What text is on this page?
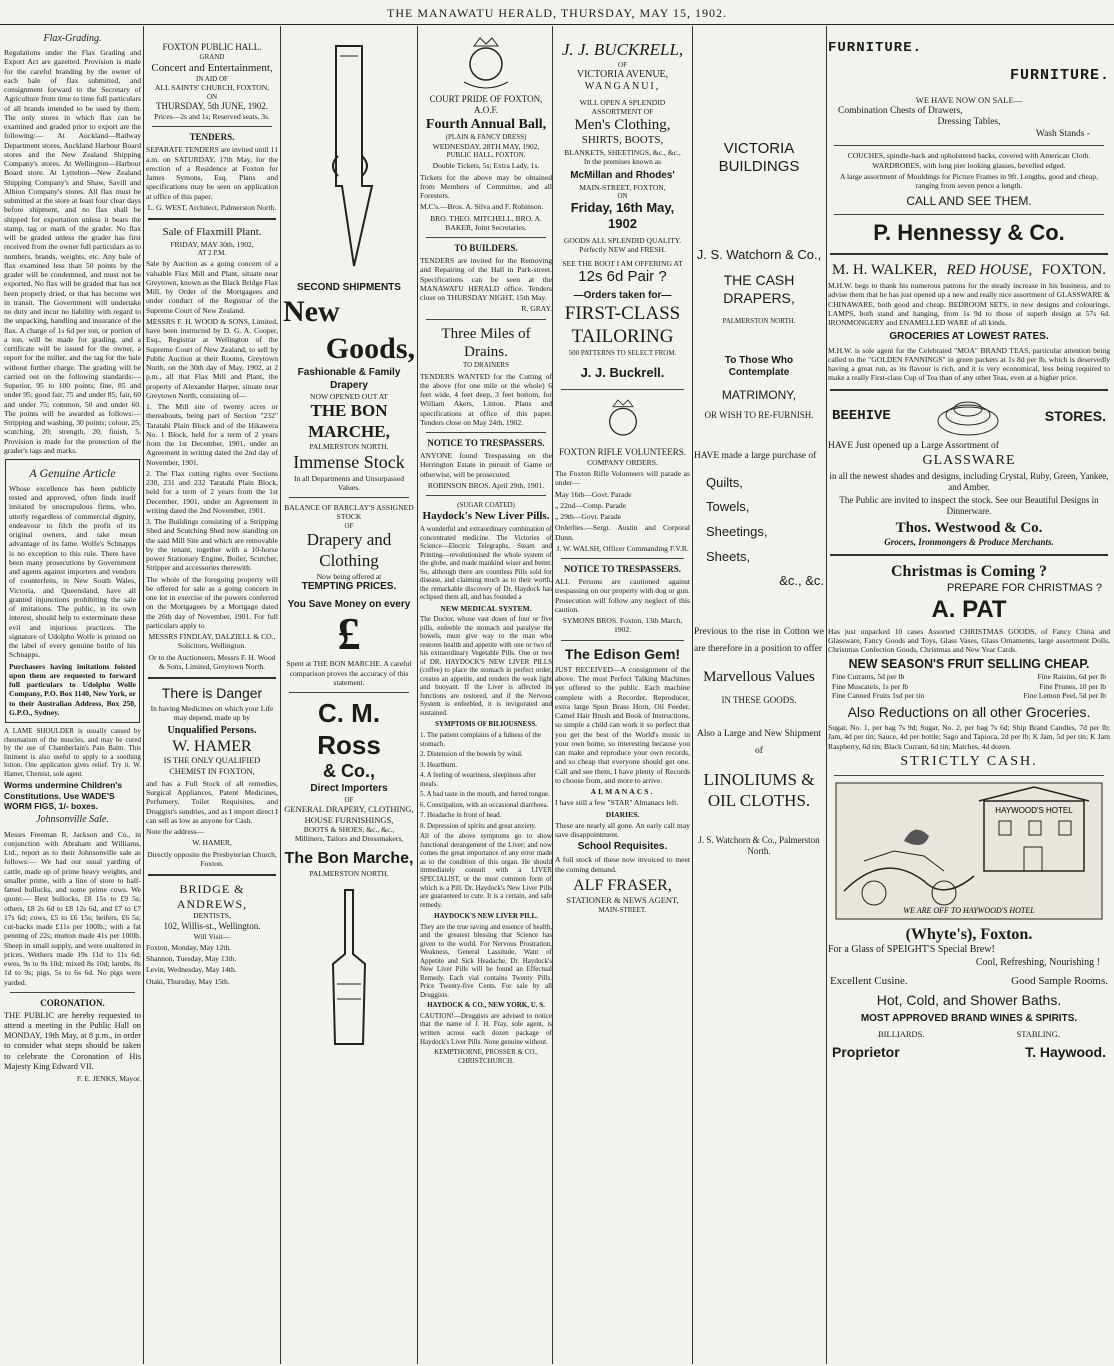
THE MANAWATU HERALD, THURSDAY, MAY 15, 1902.
Flax-Grading.

Regulations under the Flax Grading and Export Act are gazetted. Provision is made for the careful branding by the owner of each bale of flax submitted, and consignment forward to the Secretary of Agriculture from time to time full particulars of all brands intended to be used by them. The only stores in which flax can be examined and graded prior to export are the following:— At Auckland—Railway Department stores, Auckland Harbour Board stores and the New Zealand Shipping Company's stores. At Wellington—Harbour Board store. At Lyttelton—New Zealand Shipping Company's and Shaw, Savill and Albion Company's stores. All flax must be submitted at the store at least four clear days before shipment, and no flax shall be shipped for exportation unless it bears the stamp, tag or mark of the grader. No flax will be graded unless the grader has first received from the owner full particulars as to numbers, brands, weights, etc. Any bale of flax examined less than 50 points by the grader will be condemned, and must not be exported. No flax will be graded that has not been properly dried, or that has become wet in transit. The Government will undertake no duty and incur no liability with regard to the unpacking, handling and insurance of the flax. A charge of 1s 6d per ton, or portion of a ton, will be made for grading, and a certificate will be issued for the owner, a report for the miller, and the tag for the bale without further charge. The grading will be carried out on the following standards:—Superior, 95 to 100 points; fine, 85 and under 95; good fair, 75 and under 85; fair, 60 and under 75; common, 50 and under 60. The points will be awarded as follows:—Stripping and washing, 30 points; colour, 25; scutching, 20; strength, 20; finish, 5. Provision is made for the protection of the grader's tags and marks.

A Genuine Article

Whose excellence has been publicly tested and approved, often finds itself imitated by unscrupulous firms, who, utterly regardless of commercial dignity, endeavour to filch the profit of its original owners, and take mean advantage of its fame. Wolfe's Schnapps is no exception to this rule. There have been many prosecutions by Government and agents against importers and vendors of counterfeits, in New South Wales, Victoria, and Queensland, have all granted injunctions prohibiting the sale of imitations. The public, in its own interest, should help to exterminate these evil and injurious practices. The signature of Udolpho Wolfe is printed on the label of every genuine bottle of his Schnapps.

Purchasers having imitations foisted upon them are requested to forward full particulars to Udolpho Wolfe Company, P.O. Box 1140, New York, or to their Australian Address, Box 250, G.P.O., Sydney.

A LAME SHOULDER is usually caused by rheumatism of the muscles, and may be cured by the use of Chamberlain's Pain Balm. This liniment is also useful to apply to a soothing lotion. One application gives relief. Try it. W. Hamer, Chemist, sole agent.

Worms undermine Children's Constitutions. Use WADE'S WORM FIGS, 1/- boxes.

Johnsonville Sale.

Messrs Freeman R. Jackson and Co., in conjunction with Abraham and Williams, Ltd., report as to their Johnsonville sale as follows:— We had our usual yarding of cattle, made up of prime heavy weights, and smaller prime, with a line of store to half-fatted bullocks, and some prime cows. We quote:— Best bullocks, £8 15s to £9 5s; others, £8 2s 6d to £8 12s 6d, and £7 to £7 17s 6d; cows, £5 to £6 15s; heifers, £6 5s; cut-backs made £11s per 100lb.; with a fat penning of 22s; mutton made 41s per 100lb. Sheep in small supply, and were unaltered in prices. Wethers made 19s 11d to 11s 6d; ewes, 9s to 9s 10d; mixed 8s 10d; lambs, 8s 1d to 9s; pigs, 5s to 6s 6d. No pigs were yarded.

CORONATION.

THE PUBLIC are hereby requested to attend a meeting in the Public Hall on MONDAY, 19th May, at 8 p.m., in order to consider what steps should be taken to celebrate the Coronation of His Majesty King Edward VII.

F. E. JENKS, Mayor.

FOXTON PUBLIC HALL.
GRAND
Concert and Entertainment,
IN AID OF
ALL SAINTS' CHURCH, FOXTON,
ON
THURSDAY, 5th JUNE, 1902.
Prices—2s and 1s; Reserved seats, 3s.
TENDERS.

SEPARATE TENDERS are invited until 11 a.m. on SATURDAY, 17th May, for the erection of a Residence at Foxton for James Symons, Esq. Plans and specifications may be seen on application at office of this paper.

L. G. WEST, Architect, Palmerston North.

Sale of Flaxmill Plant.
FRIDAY, MAY 30th, 1902,
AT 2 P.M.

Sale by Auction as a going concern of a valuable Flax Mill and Plant, situate near Greytown, known as the Black Bridge Flax Mill, by Order of the Mortgagees and under conduct of the Registrar of the Supreme Court of New Zealand.

MESSRS F. H. WOOD & SONS, Limited, have been instructed by D. G. A. Cooper, Esq., Registrar at Wellington of the Supreme Court of New Zealand, to sell by Public Auction at their Rooms, Greytown North, on the 30th day of May, 1902, at 2 p.m., all that Flax Mill and Plant, the property of Alexander Harper, situate near Greytown North, consisting of—

1. The Mill site of twenty acres or thereabouts, being part of Section "232" Taratahi Plain Block and of the Hikawera No. 1 Block, held for a term of 2 years from the 1st December, 1901, under an Agreement in writing dated the 2nd day of November, 1901.

2. The Flax cutting rights over Sections 230, 231 and 232 Taratahi Plain Block, held for a term of 2 years from the 1st December, 1901, under an Agreement in writing dated the 2nd November, 1901.

3. The Buildings consisting of a Stripping Shed and Scutching Shed now standing on the said Mill Site and which are removable by the tenant, together with a 10-horse power Stationary Engine, Boiler, Scutcher, Stripper and accessories therewith.

The whole of the foregoing property will be offered for sale as a going concern in one lot in exercise of the powers conferred on the Mortgagees by a Mortgage dated the 26th day of November, 1901. For full particulars apply to

MESSRS FINDLAY, DALZIELL & CO., Solicitors, Wellington.

Or to the Auctioneers, Messrs F. H. Wood & Sons, Limited, Greytown North.

There is Danger

In having Medicines on which your Life may depend, made up by

Unqualified Persons.
W. HAMER
IS THE ONLY QUALIFIED CHEMIST IN FOXTON,

and has a Full Stock of all remedies, Surgical Appliances, Patent Medicines, Perfumery, Toilet Requisites, and Druggist's sundries, and as I import direct I can sell as low as anyone for Cash.

Note the address—

W. HAMER,

Directly opposite the Presbyterian Church, Foxton.

BRIDGE & ANDREWS,
DENTISTS,
102, Willis-st., Wellington.
Will Visit—

Foxton, Monday, May 12th.

Shannon, Tuesday, May 13th.

Levin, Wednesday, May 14th.

Otaki, Thursday, May 15th.

SECOND SHIPMENTS
New
Goods,
Fashionable & Family Drapery
NOW OPENED OUT AT
THE BON MARCHE,
PALMERSTON NORTH.
Immense Stock
In all Departments and Unsurpassed Values.
BALANCE OF BARCLAY'S ASSIGNED STOCK
OF
Drapery and Clothing
Now being offered at
TEMPTING PRICES.
You Save Money on every
£

Spent at THE BON MARCHE. A careful comparison proves the accuracy of this statement.

C. M. Ross
& Co.,
Direct Importers
OF
GENERAL DRAPERY, CLOTHING, HOUSE FURNISHINGS,
BOOTS & SHOES, &c., &c.,
Milliners, Tailors and Dressmakers,
The Bon Marche,
PALMERSTON NORTH.
COURT PRIDE OF FOXTON, A.O.F.
Fourth Annual Ball,
(PLAIN & FANCY DRESS)
WEDNESDAY, 28TH MAY, 1902,
PUBLIC HALL, FOXTON.

Double Tickets, 5s; Extra Lady, 1s.

Tickets for the above may be obtained from Members of Committee, and all Foresters.

M.C's.—Bros. A. Silva and F. Robinson.

BRO. THEO. MITCHELL, BRO. A. BAKER, Joint Secretaries.

TO BUILDERS.

TENDERS are invited for the Removing and Repairing of the Hall in Park-street. Specifications can be seen at the MANAWATU HERALD office. Tenders close on THURSDAY NIGHT, 15th May.

R. GRAY.

Three Miles of Drains.
TO DRAINERS

TENDERS WANTED for the Cutting of the above (for one mile or the whole) 6 feet wide, 4 feet deep, 3 feet bottom, for William Akers, Linton. Plans and specifications at office of this paper. Tenders close on May 24th, 1902.

NOTICE TO TRESPASSERS.

ANYONE found Trespassing on the Herrington Estate in pursuit of Game or otherwise, will be prosecuted.

ROBINSON BROS. April 29th, 1901.

(SUGAR COATED)
Haydock's New Liver Pills.

A wonderful and extraordinary combination of concentrated medicine. The Victories of Science—Electric Telegraphs, Steam and Printing—revolutionised the whole system of the globe, and made mankind wiser and better. So, although there are countless Pills sold for disease, and claiming much as to their worth, the remarkable discovery of Dr. Haydock has eclipsed them all, and has founded a

NEW MEDICAL SYSTEM.

The Doctor, whose vast doses of four or five pills, enfeeble the stomach and paralyse the bowels, must give way to the man who restores health and appetite with one or two of his extraordinary Vegetable Pills. One or two of DR. HAYDOCK'S NEW LIVER PILLS (coffee) to place the stomach in perfect order, creates an appetite, and renders the weak light and buoyant. If the Liver is affected its functions are restored, and if the Nervous System is enfeebled, it is invigorated and sustained.

SYMPTOMS OF BILIOUSNESS.

1. The patient complains of a fulness of the stomach.

2. Distension of the bowels by wind.

3. Heartburn.

4. A feeling of weariness, sleepiness after meals.

5. A bad taste in the mouth, and furred tongue.

6. Constipation, with an occasional diarrhoea.

7. Headache in front of head.

8. Depression of spirits and great anxiety.

All of the above symptoms go to show functional derangement of the Liver; and now comes the great importance of any error made as to the condition of this organ. He should immediately consult with a LIVER SPECIALIST, or the most common form of which is a Pill. Dr. Haydock's New Liver Pills are guaranteed to cure. It is a certain, and safe remedy.

HAYDOCK'S NEW LIVER PILL.

They are the true saving and essence of health, and the greatest blessing that Science has given to the world. For Nervous Prostration, Weakness, General Lassitude, Want of Appetite and Sick Headache, Dr. Haydock's New Liver Pills will be found an Effectual Remedy. Each vial contains Twenty Pills. Price Twenty-five Cents. For sale by all Druggists.

HAYDOCK & CO., NEW YORK, U. S.

CAUTION!—Druggists are advised to notice that the name of J. H. Fray, sole agent, is written across each dozen package of Haydock's Liver Pills. None genuine without.

KEMPTHORNE, PROSSER & CO., CHRISTCHURCH.

J. J. BUCKRELL,
OF
VICTORIA AVENUE,
WANGANUI,
WILL OPEN A SPLENDID ASSORTMENT OF
Men's Clothing,
SHIRTS, BOOTS,
BLANKETS, SHEETINGS, &c., &c.,
In the premises known as
McMillan and Rhodes'
MAIN-STREET, FOXTON,
ON
Friday, 16th May, 1902
GOODS ALL SPLENDID QUALITY.
Perfectly NEW and FRESH.
SEE THE BOOT I AM OFFERING AT
12s 6d Pair ?
—Orders taken for—
FIRST-CLASS
TAILORING
500 PATTERNS TO SELECT FROM.
J. J. Buckrell.
FOXTON RIFLE VOLUNTEERS.
COMPANY ORDERS.

The Foxton Rifle Volunteers will parade as under—

May 16th—Govt. Parade

„ 22nd—Comp. Parade

„ 29th—Govt. Parade

Orderlies.—Sergt. Austin and Corporal Dunn.

J. W. WALSH, Officer Commanding F.V.R.

NOTICE TO TRESPASSERS.

ALL Persons are cautioned against trespassing on our property with dog or gun. Prosecution will follow any neglect of this caution.

SYMONS BROS. Foxton, 13th March, 1902.

The Edison Gem!

JUST RECEIVED—A consignment of the above. The most Perfect Talking Machines yet offered to the public. Each machine complete with a Recorder, Reproducer, extra large Spun Brass Horn, Oil Feeder, Camel Hair Brush and Book of Instructions, so simple a child can work it so perfect that you get the best of the World's music in your own home, so interesting because you can make and reproduce your own records, and so cheap that everyone should get one. Call and see them, I have plenty of Records to choose from, and more to arrive.

ALMANACS.

I have still a few "STAR" Almanacs left.

DIARIES.

These are nearly all gone. An early call may save disappointment.

School Requisites.

A full stock of these now invoiced to meet the coming demand.

ALF FRASER,
STATIONER & NEWS AGENT,
MAIN-STREET.
VICTORIA BUILDINGS
J. S. Watchorn & Co.,
THE CASH DRAPERS,
PALMERSTON NORTH.
To Those Who Contemplate
MATRIMONY,
OR WISH TO RE-FURNISH.
HAVE made a large purchase of
Quilts,
Towels,
Sheetings,
Sheets,
&c., &c.
Previous to the rise in Cotton we are therefore in a position to offer
Marvellous Values
IN THESE GOODS.
Also a Large and New Shipment of
LINOLIUMS & OIL CLOTHS.
J. S. Watchorn & Co., Palmerston North.
FURNITURE.
FURNITURE.
WE HAVE NOW ON SALE—
Combination Chests of Drawers,
Dressing Tables,
Wash Stands -

COUCHES, spindle-back and upholstered backs, covered with American Cloth. WARDROBES, with long pier looking glasses, bevelled edged.

A large assortment of Mouldings for Picture Frames in 9ft. Lengths, good and cheap, ranging from seven pence a length.

CALL AND SEE THEM.
P. Hennessy & Co.
M. H. WALKER, RED HOUSE, FOXTON.

M.H.W. begs to thank his numerous patrons for the steady increase in his business, and to advise them that he has just opened up a new and really nice assortment of GLASSWARE & CHINAWARE, both good and cheap. BEDROOM SETS, in new designs and colourings. LAMPS, both stand and hanging, from 1s 9d to those of superb design at 57s 6d. IRONMONGERY and ENAMELLED WARE of all kinds.

GROCERIES AT LOWEST RATES.

M.H.W. is sole agent for the Celebrated "MOA" BRAND TEAS, particular attention being called to the "GOLDEN FANNINGS" in green packets at 1s 8d per lb, which is deservedly having a great run, as its flavour is rich, and it is very economical, less being required to make a really First-class Cup of Tea than of any other Teas, even at a higher price.

BEEHIVE	STORES.
HAVE Just opened up a Large Assortment of
GLASSWARE

in all the newest shades and designs, including Crystal, Ruby, Green, Yankee, and Amber.

The Public are invited to inspect the stock. See our Beautiful Designs in Dinnerware.

Thos. Westwood & Co.
Grocers, Ironmongers & Produce Merchants.
Christmas is Coming ?
PREPARE FOR CHRISTMAS ?
A. PAT

Has just unpacked 10 cases Assorted CHRISTMAS GOODS, of Fancy China and Glassware, Fancy Goods and Toys, Glass Vases, Glass Ornaments, large assortment Dolls, Christmas Confection Goods, Christmas and New Year Cards.

NEW SEASON'S FRUIT SELLING CHEAP.
Fine Currants, 5d per lb	Fine Raisins, 6d per lb
Fine Muscatels, 1s per lb	Fine Prunes, 10 per lb
Fine Canned Fruits 1sd per tin	Fine Lemon Peel, 5d per lb
Also Reductions on all other Groceries.

Sugar, No. 1, per bag 7s 9d; Sugar, No. 2, per bag 7s 6d; Ship Brand Candles, 7d per lb; Jam, 4d per tin; Sauce, 4d per bottle; Sago and Tapioca, 2d per lb; K Jam, 5d per tin; K Jam Raspberry, 6d tin; Black Currant, 6d tin; Matches, 4d dozen.

STRICTLY CASH.
HAYWOOD'S HOTEL
WE ARE OFF TO HAYWOOD'S HOTEL
(Whyte's), Foxton.
For a Glass of SPEIGHT'S Special Brew!
Cool, Refreshing, Nourishing !
Excellent Cusine.	Good Sample Rooms.
Hot, Cold, and Shower Baths.
MOST APPROVED BRAND WINES & SPIRITS.
BILLIARDS.	STABLING.
Proprietor	T. Haywood.
